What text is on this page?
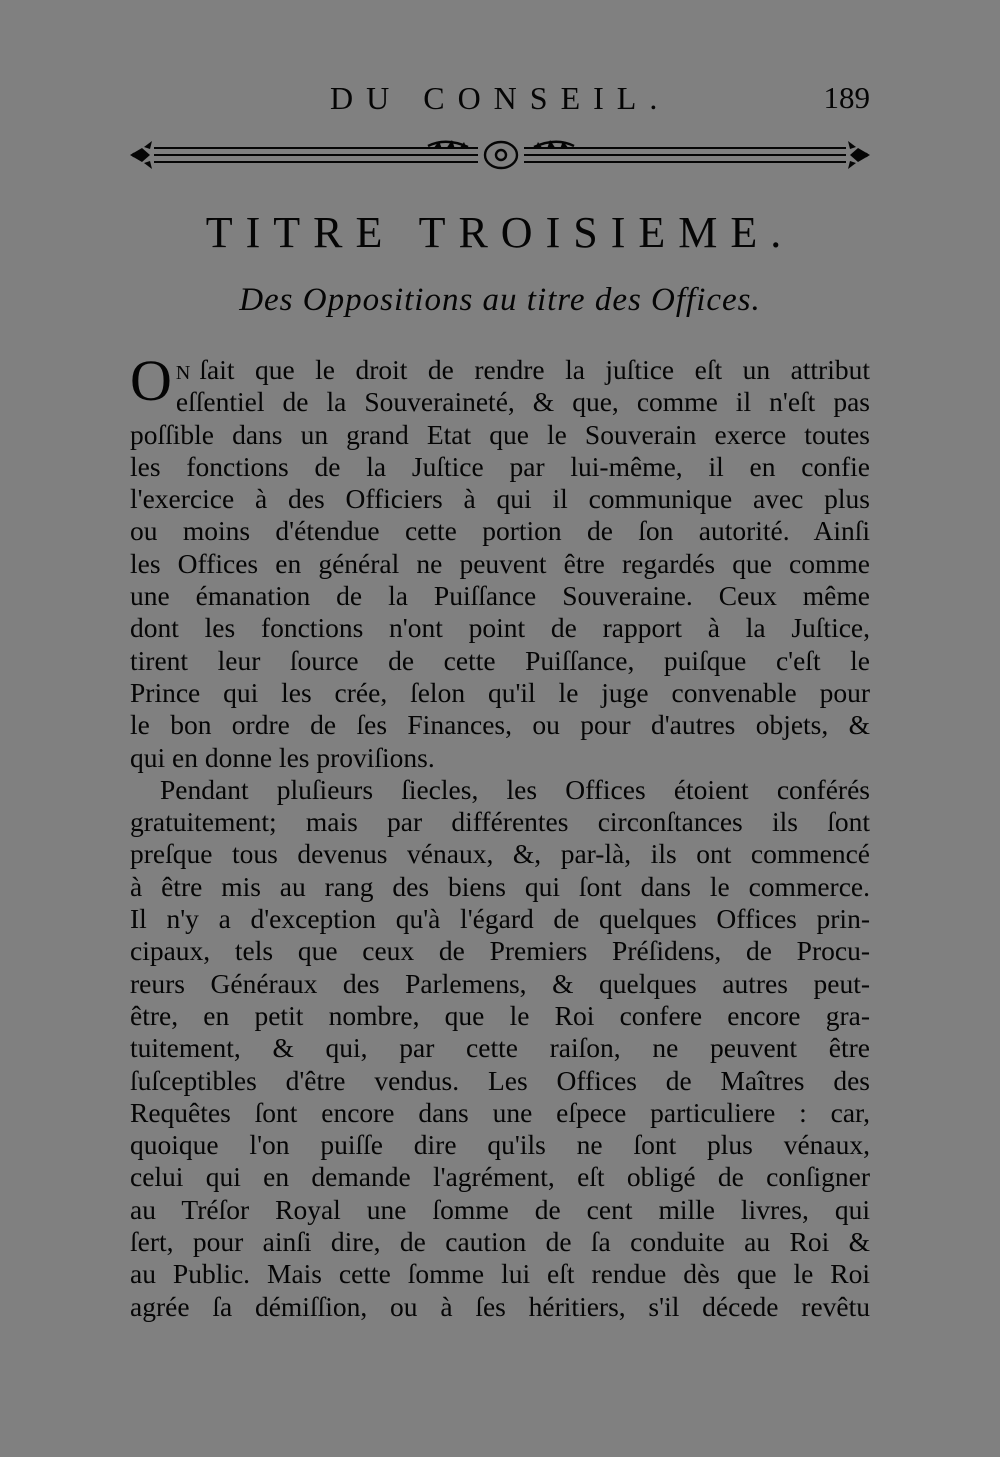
DU CONSEIL.	189
TITRE TROISIEME.
Des Oppositions au titre des Offices.
O N ſait que le droit de rendre la juſtice eſt un attribut
eſſentiel de la Souveraineté, & que, comme il n'eſt pas
poſſible dans un grand Etat que le Souverain exerce toutes
les fonctions de la Juſtice par lui-même, il en confie
l'exercice à des Officiers à qui il communique avec plus
ou moins d'étendue cette portion de ſon autorité. Ainſi
les Offices en général ne peuvent être regardés que comme
une émanation de la Puiſſance Souveraine. Ceux même
dont les fonctions n'ont point de rapport à la Juſtice,
tirent leur ſource de cette Puiſſance, puiſque c'eſt le
Prince qui les crée, ſelon qu'il le juge convenable pour
le bon ordre de ſes Finances, ou pour d'autres objets, &
qui en donne les proviſions.
Pendant pluſieurs ſiecles, les Offices étoient conférés
gratuitement; mais par différentes circonſtances ils ſont
preſque tous devenus vénaux, &, par-là, ils ont commencé
à être mis au rang des biens qui ſont dans le commerce.
Il n'y a d'exception qu'à l'égard de quelques Offices prin-
cipaux, tels que ceux de Premiers Préſidens, de Procu-
reurs Généraux des Parlemens, & quelques autres peut-
être, en petit nombre, que le Roi confere encore gra-
tuitement, & qui, par cette raiſon, ne peuvent être
ſuſceptibles d'être vendus. Les Offices de Maîtres des
Requêtes ſont encore dans une eſpece particuliere : car,
quoique l'on puiſſe dire qu'ils ne ſont plus vénaux,
celui qui en demande l'agrément, eſt obligé de conſigner
au Tréſor Royal une ſomme de cent mille livres, qui
ſert, pour ainſi dire, de caution de ſa conduite au Roi &
au Public. Mais cette ſomme lui eſt rendue dès que le Roi
agrée ſa démiſſion, ou à ſes héritiers, s'il décede revêtu
